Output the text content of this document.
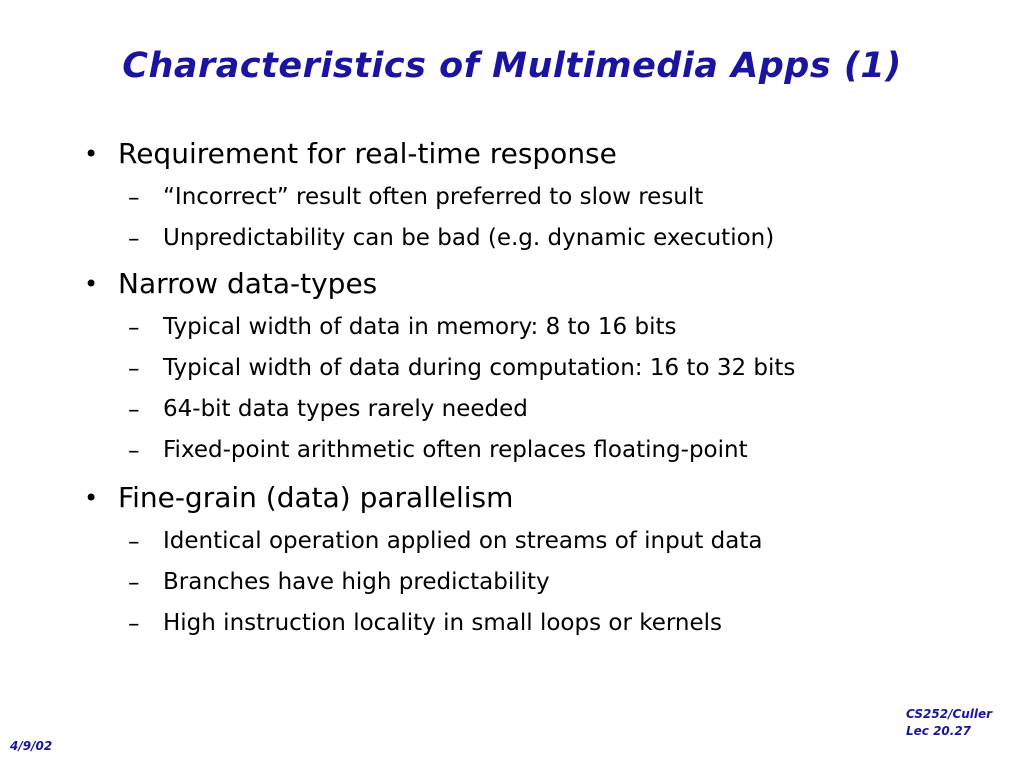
Characteristics of Multimedia Apps (1)
• Requirement for real-time response
– “Incorrect” result often preferred to slow result
– Unpredictability can be bad (e.g. dynamic execution)
• Narrow data-types
– Typical width of data in memory: 8 to 16 bits
– Typical width of data during computation: 16 to 32 bits
– 64-bit data types rarely needed
– Fixed-point arithmetic often replaces floating-point
• Fine-grain (data) parallelism
– Identical operation applied on streams of input data
– Branches have high predictability
– High instruction locality in small loops or kernels
CS252/Culler
Lec 20.27
4/9/02
